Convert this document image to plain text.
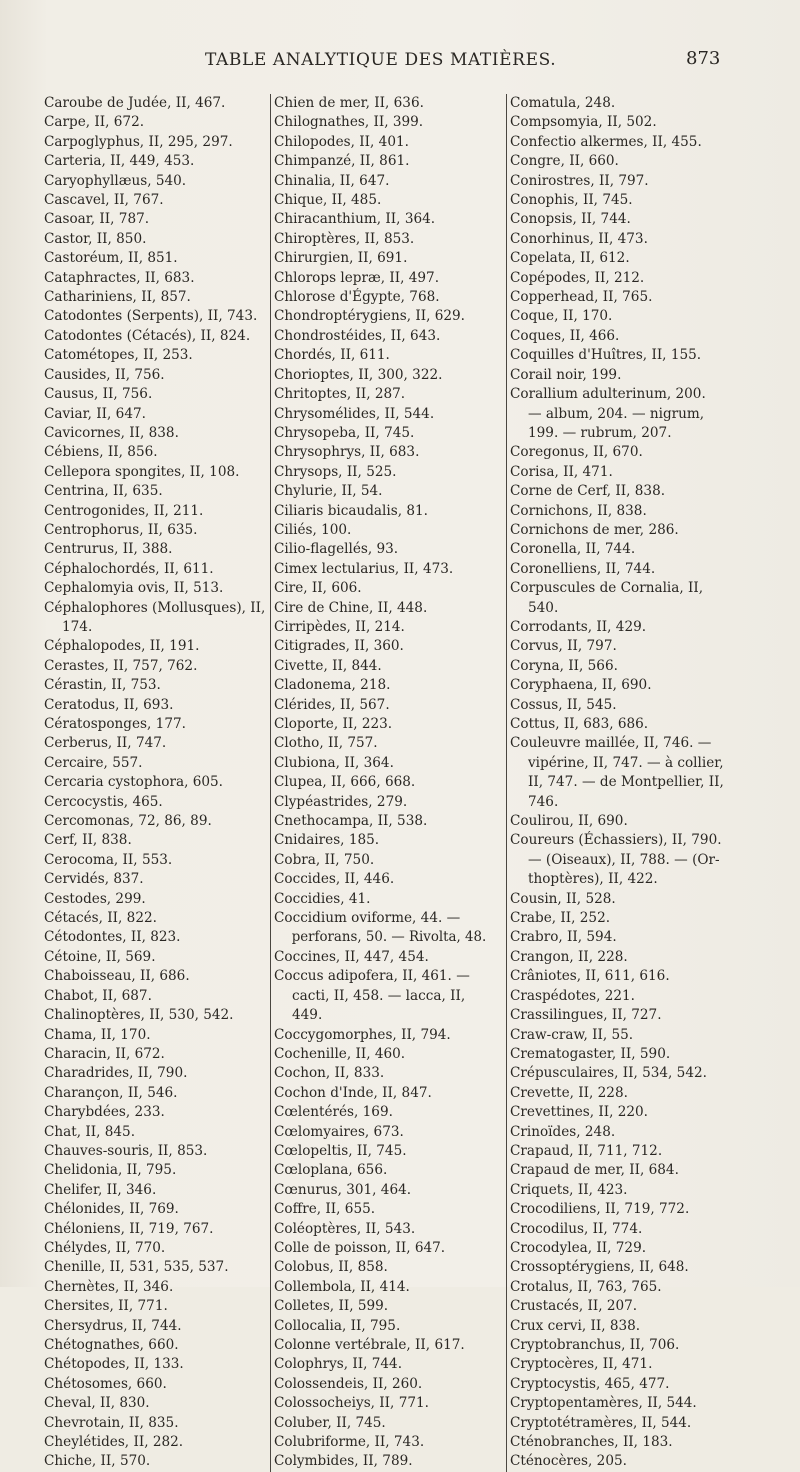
TABLE ANALYTIQUE DES MATIÈRES.	873
Caroube de Judée, II, 467.
Carpe, II, 672.
Carpoglyphus, II, 295, 297.
Carteria, II, 449, 453.
Caryophyllæus, 540.
Cascavel, II, 767.
Casoar, II, 787.
Castor, II, 850.
Castoréum, II, 851.
Cataphractes, II, 683.
Cathariniens, II, 857.
Catodontes (Serpents), II, 743.
Catodontes (Cétacés), II, 824.
Catométopes, II, 253.
Causides, II, 756.
Causus, II, 756.
Caviar, II, 647.
Cavicornes, II, 838.
Cébiens, II, 856.
Cellepora spongites, II, 108.
Centrina, II, 635.
Centrogonides, II, 211.
Centrophorus, II, 635.
Centrurus, II, 388.
Céphalochordés, II, 611.
Cephalomyia ovis, II, 513.
Céphalophores (Mollusques), II,
174.
Céphalopodes, II, 191.
Cerastes, II, 757, 762.
Cérastin, II, 753.
Ceratodus, II, 693.
Cératosponges, 177.
Cerberus, II, 747.
Cercaire, 557.
Cercaria cystophora, 605.
Cercocystis, 465.
Cercomonas, 72, 86, 89.
Cerf, II, 838.
Cerocoma, II, 553.
Cervidés, 837.
Cestodes, 299.
Cétacés, II, 822.
Cétodontes, II, 823.
Cétoine, II, 569.
Chaboisseau, II, 686.
Chabot, II, 687.
Chalinoptères, II, 530, 542.
Chama, II, 170.
Characin, II, 672.
Charadrides, II, 790.
Charançon, II, 546.
Charybdées, 233.
Chat, II, 845.
Chauves-souris, II, 853.
Chelidonia, II, 795.
Chelifer, II, 346.
Chélonides, II, 769.
Chéloniens, II, 719, 767.
Chélydes, II, 770.
Chenille, II, 531, 535, 537.
Chernètes, II, 346.
Chersites, II, 771.
Chersydrus, II, 744.
Chétognathes, 660.
Chétopodes, II, 133.
Chétosomes, 660.
Cheval, II, 830.
Chevrotain, II, 835.
Cheylétides, II, 282.
Chiche, II, 570.
Chien de mer, II, 636.
Chilognathes, II, 399.
Chilopodes, II, 401.
Chimpanzé, II, 861.
Chinalia, II, 647.
Chique, II, 485.
Chiracanthium, II, 364.
Chiroptères, II, 853.
Chirurgien, II, 691.
Chlorops lepræ, II, 497.
Chlorose d'Égypte, 768.
Chondroptérygiens, II, 629.
Chondrostéides, II, 643.
Chordés, II, 611.
Chorioptes, II, 300, 322.
Chritoptes, II, 287.
Chrysomélides, II, 544.
Chrysopeba, II, 745.
Chrysophrys, II, 683.
Chrysops, II, 525.
Chylurie, II, 54.
Ciliaris bicaudalis, 81.
Ciliés, 100.
Cilio-flagellés, 93.
Cimex lectularius, II, 473.
Cire, II, 606.
Cire de Chine, II, 448.
Cirripèdes, II, 214.
Citigrades, II, 360.
Civette, II, 844.
Cladonema, 218.
Clérides, II, 567.
Cloporte, II, 223.
Clotho, II, 757.
Clubiona, II, 364.
Clupea, II, 666, 668.
Clypéastrides, 279.
Cnethocampa, II, 538.
Cnidaires, 185.
Cobra, II, 750.
Coccides, II, 446.
Coccidies, 41.
Coccidium oviforme, 44. —
perforans, 50. — Rivolta, 48.
Coccines, II, 447, 454.
Coccus adipofera, II, 461. —
cacti, II, 458. — lacca, II,
449.
Coccygomorphes, II, 794.
Cochenille, II, 460.
Cochon, II, 833.
Cochon d'Inde, II, 847.
Cœlentérés, 169.
Cœlomyaires, 673.
Cœlopeltis, II, 745.
Cœloplana, 656.
Cœnurus, 301, 464.
Coffre, II, 655.
Coléoptères, II, 543.
Colle de poisson, II, 647.
Colobus, II, 858.
Collembola, II, 414.
Colletes, II, 599.
Collocalia, II, 795.
Colonne vertébrale, II, 617.
Colophrys, II, 744.
Colossendeis, II, 260.
Colossocheiys, II, 771.
Coluber, II, 745.
Colubriforme, II, 743.
Colymbides, II, 789.
Comatula, 248.
Compsomyia, II, 502.
Confectio alkermes, II, 455.
Congre, II, 660.
Conirostres, II, 797.
Conophis, II, 745.
Conopsis, II, 744.
Conorhinus, II, 473.
Copelata, II, 612.
Copépodes, II, 212.
Copperhead, II, 765.
Coque, II, 170.
Coques, II, 466.
Coquilles d'Huîtres, II, 155.
Corail noir, 199.
Corallium adulterinum, 200.
— album, 204. — nigrum,
199. — rubrum, 207.
Coregonus, II, 670.
Corisa, II, 471.
Corne de Cerf, II, 838.
Cornichons, II, 838.
Cornichons de mer, 286.
Coronella, II, 744.
Coronelliens, II, 744.
Corpuscules de Cornalia, II,
540.
Corrodants, II, 429.
Corvus, II, 797.
Coryna, II, 566.
Coryphaena, II, 690.
Cossus, II, 545.
Cottus, II, 683, 686.
Couleuvre maillée, II, 746. —
vipérine, II, 747. — à collier,
II, 747. — de Montpellier, II,
746.
Coulirou, II, 690.
Coureurs (Échassiers), II, 790.
— (Oiseaux), II, 788. — (Or-
thoptères), II, 422.
Cousin, II, 528.
Crabe, II, 252.
Crabro, II, 594.
Crangon, II, 228.
Crâniotes, II, 611, 616.
Craspédotes, 221.
Crassilingues, II, 727.
Craw-craw, II, 55.
Crematogaster, II, 590.
Crépusculaires, II, 534, 542.
Crevette, II, 228.
Crevettines, II, 220.
Crinoïdes, 248.
Crapaud, II, 711, 712.
Crapaud de mer, II, 684.
Criquets, II, 423.
Crocodiliens, II, 719, 772.
Crocodilus, II, 774.
Crocodylea, II, 729.
Crossoptérygiens, II, 648.
Crotalus, II, 763, 765.
Crustacés, II, 207.
Crux cervi, II, 838.
Cryptobranchus, II, 706.
Cryptocères, II, 471.
Cryptocystis, 465, 477.
Cryptopentamères, II, 544.
Cryptotétramères, II, 544.
Cténobranches, II, 183.
Cténocères, 205.
